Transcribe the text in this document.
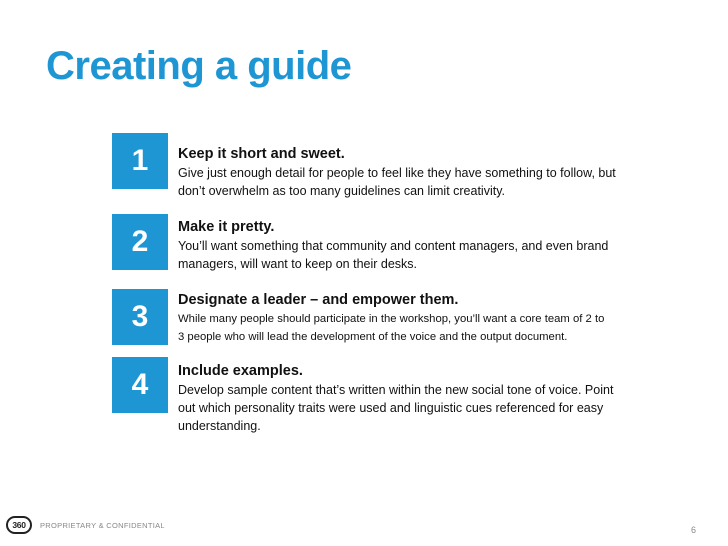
Creating a guide
1	Keep it short and sweet.
Give just enough detail for people to feel like they have something to follow, but
don’t overwhelm as too many guidelines can limit creativity.
2	Make it pretty.
You’ll want something that community and content managers, and even brand
managers, will want to keep on their desks.
3	Designate a leader – and empower them.
While many people should participate in the workshop, you’ll want a core team of 2 to
3 people who will lead the development of the voice and the output document.
4	Include examples.
Develop sample content that’s written within the new social tone of voice. Point
out which personality traits were used and linguistic cues referenced for easy
understanding.
360	PROPRIETARY & CONFIDENTIAL	6
